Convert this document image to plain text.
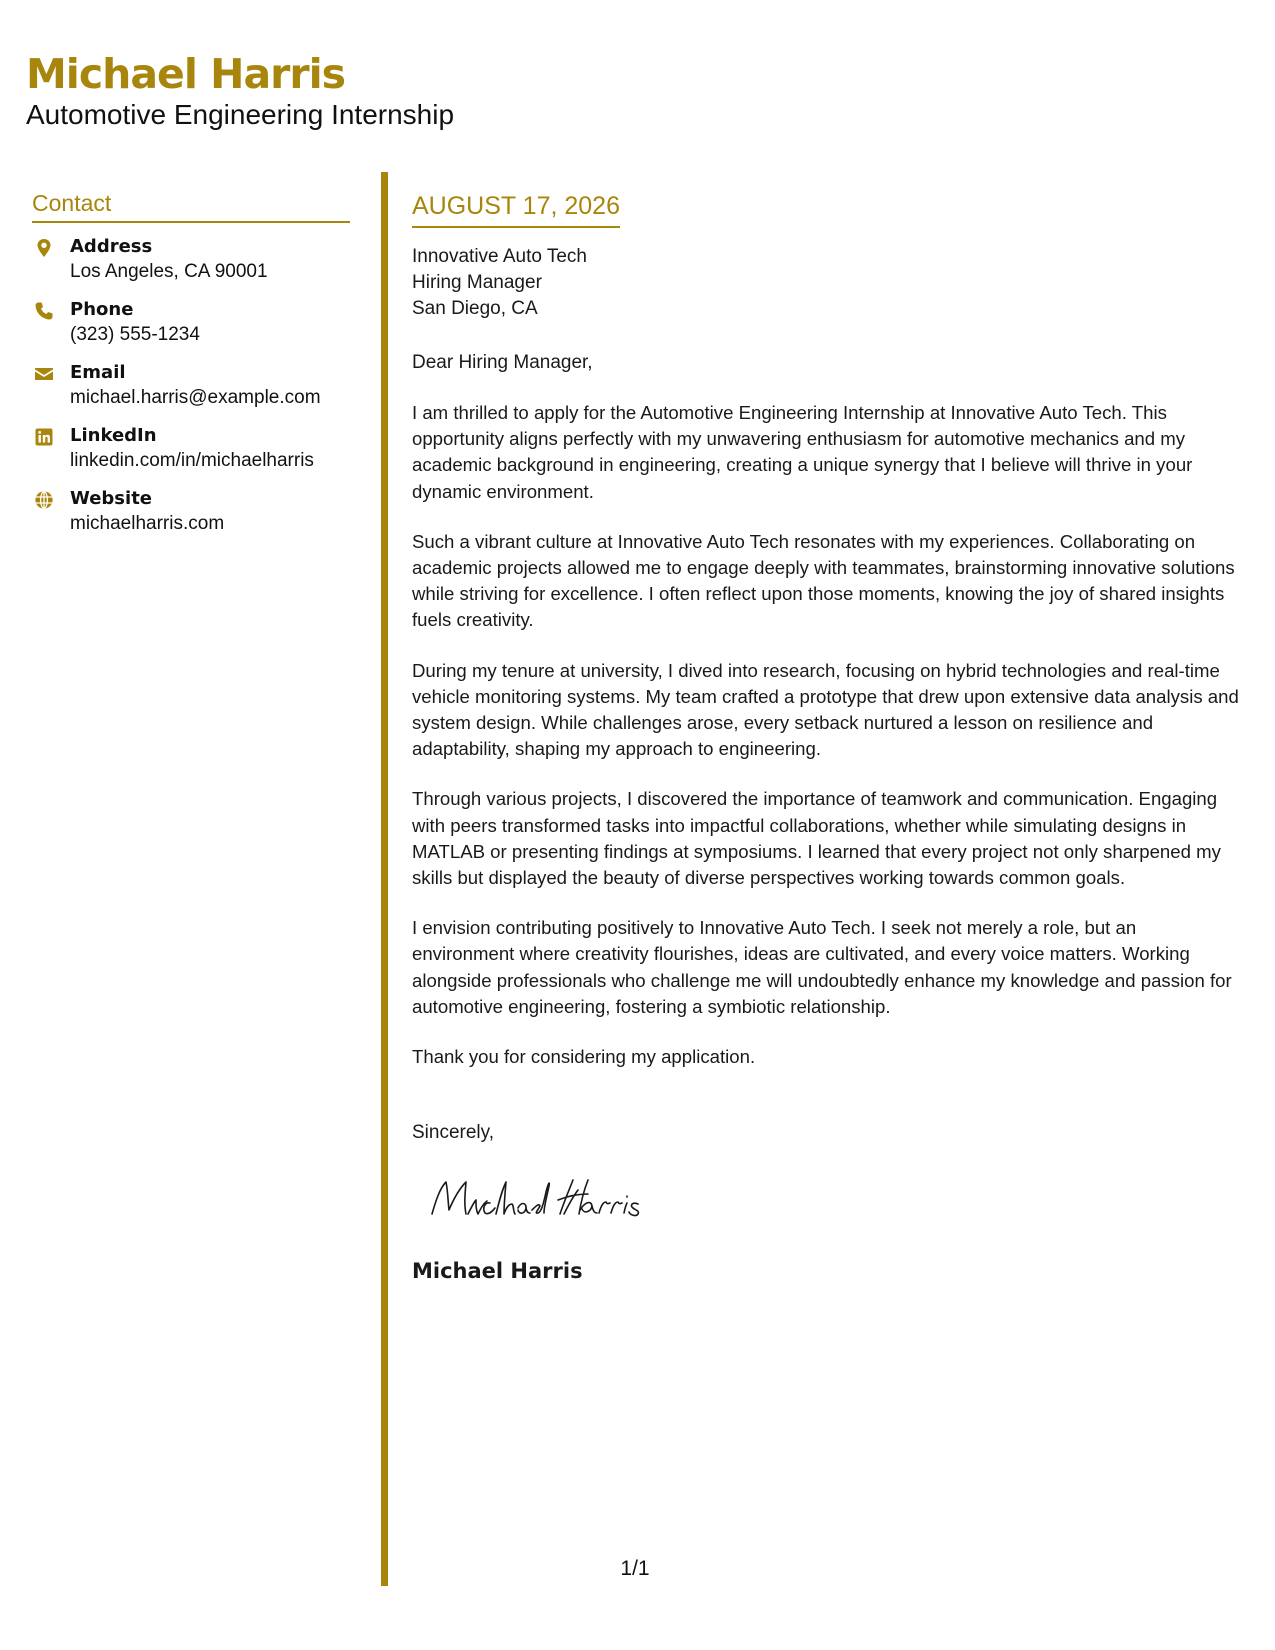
Michael Harris
Automotive Engineering Internship
Contact
Address
Los Angeles, CA 90001
Phone
(323) 555-1234
Email
michael.harris@example.com
LinkedIn
linkedin.com/in/michaelharris
Website
michaelharris.com
AUGUST 17, 2026
Innovative Auto Tech
Hiring Manager
San Diego, CA
Dear Hiring Manager,

I am thrilled to apply for the Automotive Engineering Internship at Innovative Auto Tech. This opportunity aligns perfectly with my unwavering enthusiasm for automotive mechanics and my academic background in engineering, creating a unique synergy that I believe will thrive in your dynamic environment.

Such a vibrant culture at Innovative Auto Tech resonates with my experiences. Collaborating on academic projects allowed me to engage deeply with teammates, brainstorming innovative solutions while striving for excellence. I often reflect upon those moments, knowing the joy of shared insights fuels creativity.

During my tenure at university, I dived into research, focusing on hybrid technologies and real-time vehicle monitoring systems. My team crafted a prototype that drew upon extensive data analysis and system design. While challenges arose, every setback nurtured a lesson on resilience and adaptability, shaping my approach to engineering.

Through various projects, I discovered the importance of teamwork and communication. Engaging with peers transformed tasks into impactful collaborations, whether while simulating designs in MATLAB or presenting findings at symposiums. I learned that every project not only sharpened my skills but displayed the beauty of diverse perspectives working towards common goals.

I envision contributing positively to Innovative Auto Tech. I seek not merely a role, but an environment where creativity flourishes, ideas are cultivated, and every voice matters. Working alongside professionals who challenge me will undoubtedly enhance my knowledge and passion for automotive engineering, fostering a symbiotic relationship.

Thank you for considering my application.

Sincerely,
Michael Harris
1/1
